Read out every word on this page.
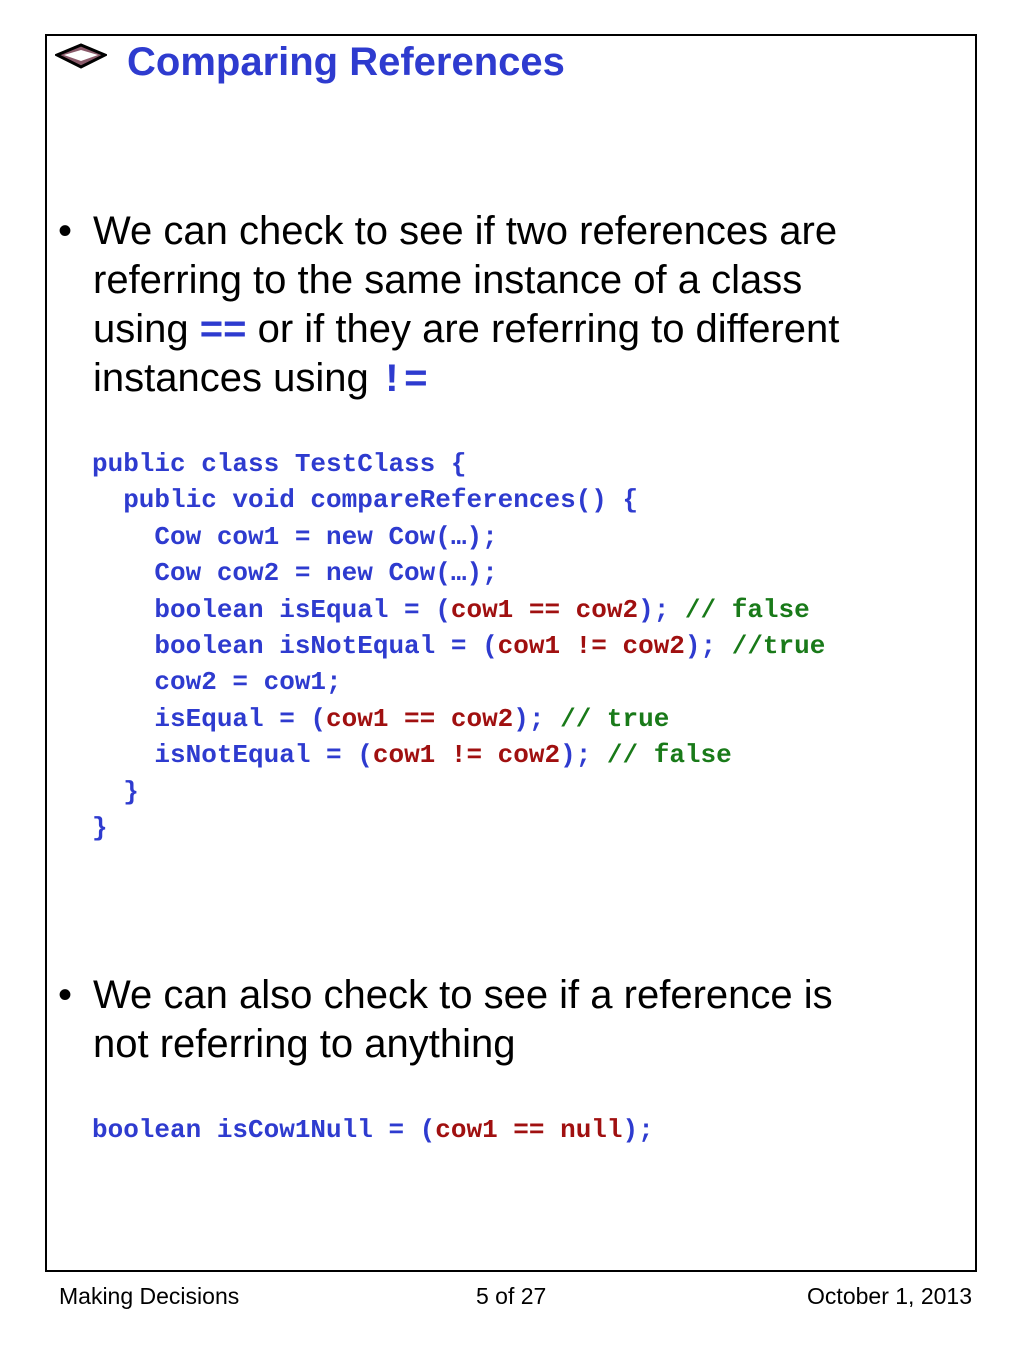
Comparing References
• We can check to see if two references are
referring to the same instance of a class
using == or if they are referring to different
instances using !=
public class TestClass {
public void compareReferences() {
Cow cow1 = new Cow(…);
Cow cow2 = new Cow(…);
boolean isEqual = (cow1 == cow2); // false
boolean isNotEqual = (cow1 != cow2); //true
cow2 = cow1;
isEqual = (cow1 == cow2); // true
isNotEqual = (cow1 != cow2); // false
}
}
• We can also check to see if a reference is
not referring to anything
boolean isCow1Null = (cow1 == null);
Making Decisions	5 of 27	October 1, 2013
